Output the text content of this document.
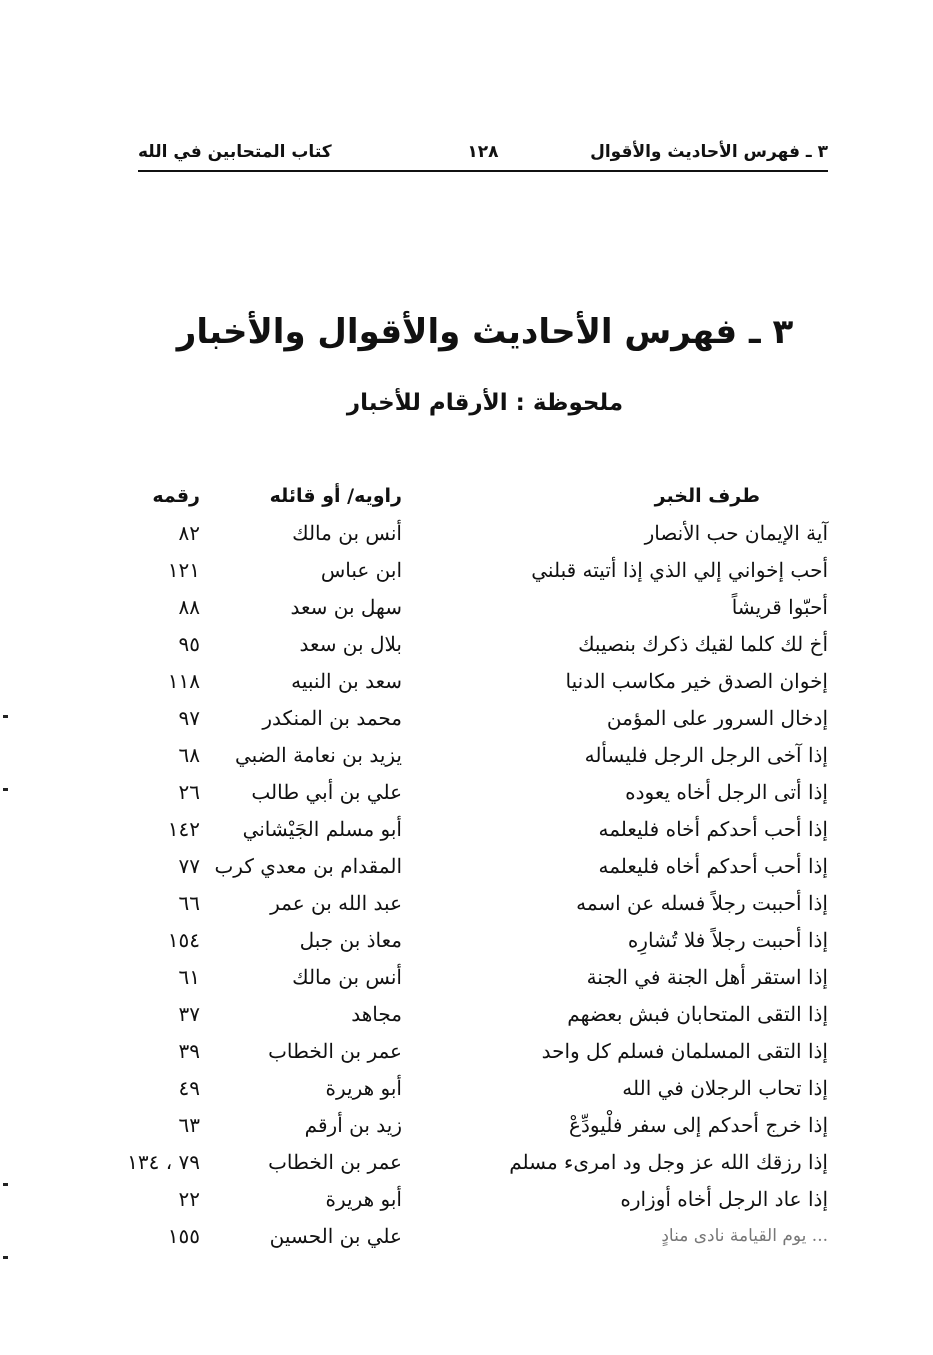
٣ ـ فهرس الأحاديث والأقوال
١٢٨
كتاب المتحابين في الله
٣ ـ فهرس الأحاديث والأقوال والأخبار
ملحوظة : الأرقام للأخبار
طرف الخبر
راويه/ أو قائله
رقمه
آية الإيمان حب الأنصار
أنس بن مالك
٨٢
أحب إخواني إلي الذي إذا أتيته قبلني
ابن عباس
١٢١
أحبّوا قريشاً
سهل بن سعد
٨٨
أخ لك كلما لقيك ذكرك بنصيبك
بلال بن سعد
٩٥
إخوان الصدق خير مكاسب الدنيا
سعد بن النبيه
١١٨
إدخال السرور على المؤمن
محمد بن المنكدر
٩٧
إذا آخى الرجل الرجل فليسأله
يزيد بن نعامة الضبي
٦٨
إذا أتى الرجل أخاه يعوده
علي بن أبي طالب
٢٦
إذا أحب أحدكم أخاه فليعلمه
أبو مسلم الجَيْشاني
١٤٢
إذا أحب أحدكم أخاه فليعلمه
المقدام بن معدي كرب
٧٧
إذا أحببت رجلاً فسله عن اسمه
عبد الله بن عمر
٦٦
إذا أحببت رجلاً فلا تُشارِه
معاذ بن جبل
١٥٤
إذا استقر أهل الجنة في الجنة
أنس بن مالك
٦١
إذا التقى المتحابان فبش بعضهم
مجاهد
٣٧
إذا التقى المسلمان فسلم كل واحد
عمر بن الخطاب
٣٩
إذا تحاب الرجلان في الله
أبو هريرة
٤٩
إذا خرج أحدكم إلى سفر فلْيودِّعْ
زيد بن أرقم
٦٣
إذا رزقك الله عز وجل ود امرىء مسلم
عمر بن الخطاب
٧٩ ، ١٣٤
إذا عاد الرجل أخاه أوزاره
أبو هريرة
٢٢
... يوم القيامة نادى منادٍ
علي بن الحسين
١٥٥
